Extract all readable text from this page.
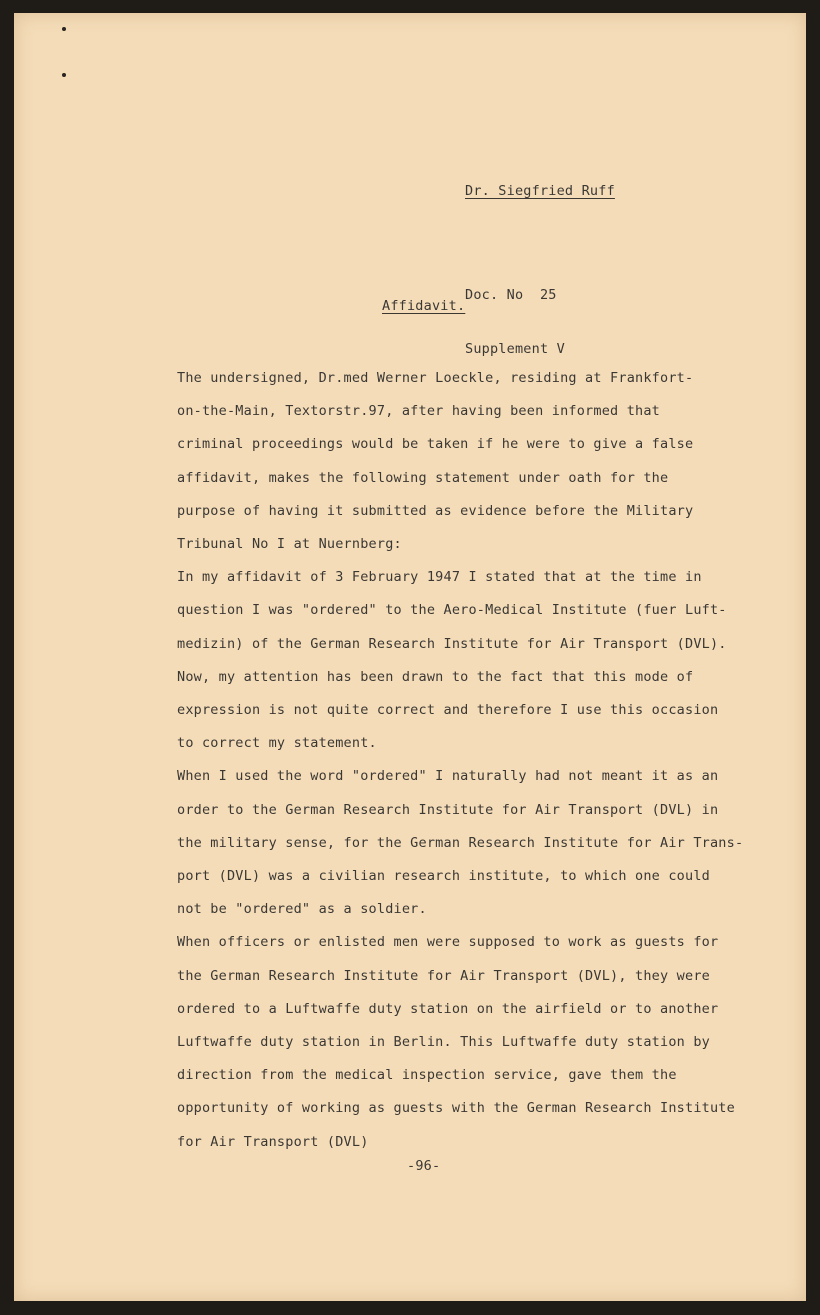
Dr. Siegfried Ruff

Doc. No  25

Supplement V

Affidavit.
The undersigned, Dr.med Werner Loeckle, residing at Frankfort-
on-the-Main, Textorstr.97, after having been informed that
criminal proceedings would be taken if he were to give a false
affidavit, makes the following statement under oath for the
purpose of having it submitted as evidence before the Military
Tribunal No I at Nuernberg:
In my affidavit of 3 February 1947 I stated that at the time in
question I was "ordered" to the Aero-Medical Institute (fuer Luft-
medizin) of the German Research Institute for Air Transport (DVL).
Now, my attention has been drawn to the fact that this mode of
expression is not quite correct and therefore I use this occasion
to correct my statement.
When I used the word "ordered" I naturally had not meant it as an
order to the German Research Institute for Air Transport (DVL) in
the military sense, for the German Research Institute for Air Trans-
port (DVL) was a civilian research institute, to which one could
not be "ordered" as a soldier.
When officers or enlisted men were supposed to work as guests for
the German Research Institute for Air Transport (DVL), they were
ordered to a Luftwaffe duty station on the airfield or to another
Luftwaffe duty station in Berlin. This Luftwaffe duty station by
direction from the medical inspection service, gave them the
opportunity of working as guests with the German Research Institute
for Air Transport (DVL)
-96-
